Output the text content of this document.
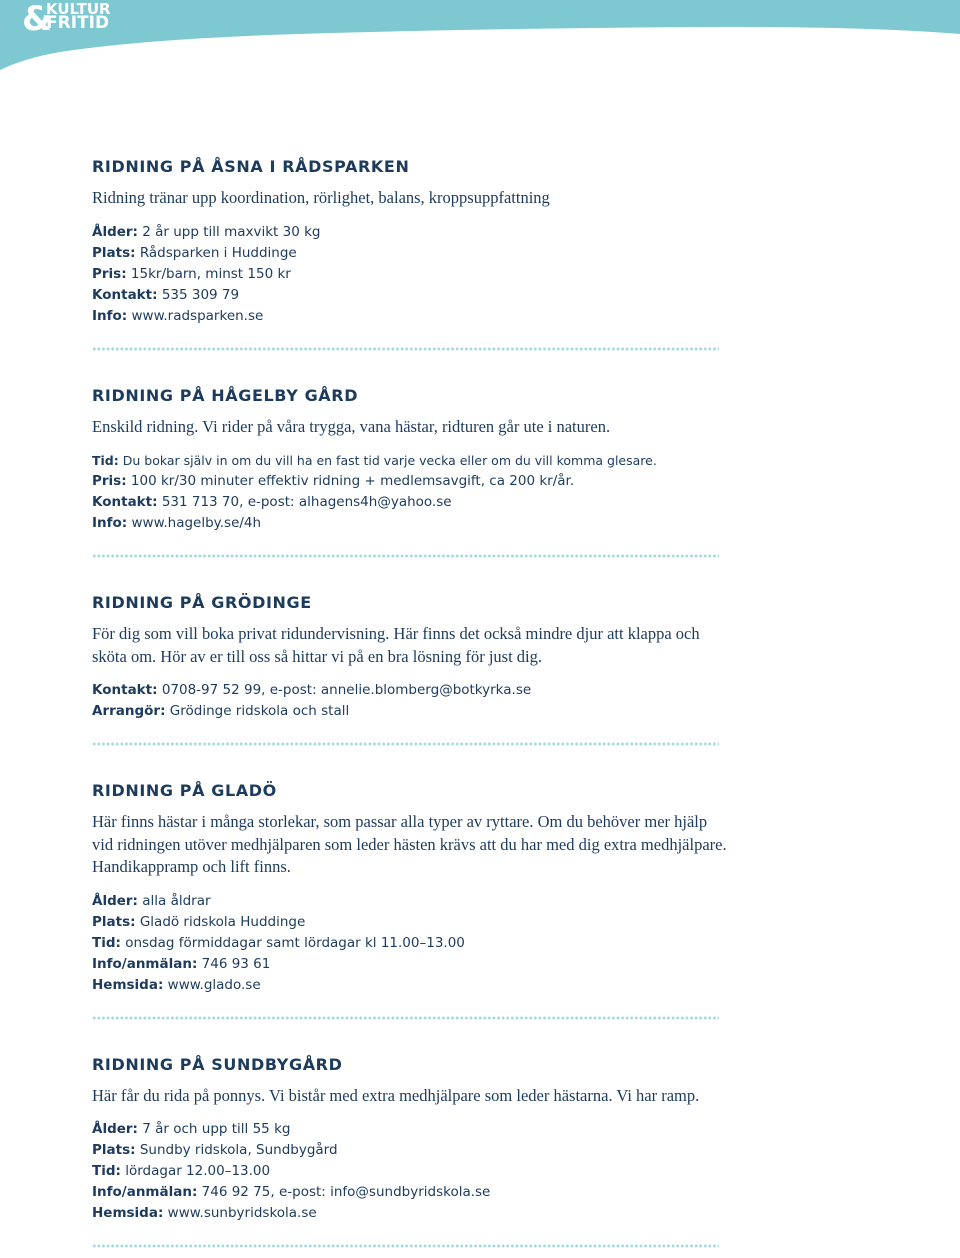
&
KULTUR
FRITID
RIDNING PÅ ÅSNA I RÅDSPARKEN

Ridning tränar upp koordination, rörlighet, balans, kroppsuppfattning

Ålder: 2 år upp till maxvikt 30 kg
Plats: Rådsparken i Huddinge
Pris: 15kr/barn, minst 150 kr
Kontakt: 535 309 79
Info: www.radsparken.se
RIDNING PÅ HÅGELBY GÅRD

Enskild ridning. Vi rider på våra trygga, vana hästar, ridturen går ute i naturen.

Tid: Du bokar själv in om du vill ha en fast tid varje vecka eller om du vill komma glesare.
Pris: 100 kr/30 minuter effektiv ridning + medlemsavgift, ca 200 kr/år.
Kontakt: 531 713 70, e-post: alhagens4h@yahoo.se
Info: www.hagelby.se/4h
RIDNING PÅ GRÖDINGE

För dig som vill boka privat ridundervisning. Här finns det också mindre djur att klappa och sköta om. Hör av er till oss så hittar vi på en bra lösning för just dig.

Kontakt: 0708-97 52 99, e-post: annelie.blomberg@botkyrka.se
Arrangör: Grödinge ridskola och stall
RIDNING PÅ GLADÖ

Här finns hästar i många storlekar, som passar alla typer av ryttare. Om du behöver mer hjälp vid ridningen utöver medhjälparen som leder hästen krävs att du har med dig extra medhjälpare. Handikappramp och lift finns.

Ålder: alla åldrar
Plats: Gladö ridskola Huddinge
Tid: onsdag förmiddagar samt lördagar kl 11.00–13.00
Info/anmälan: 746 93 61
Hemsida: www.glado.se
RIDNING PÅ SUNDBYGÅRD

Här får du rida på ponnys. Vi bistår med extra medhjälpare som leder hästarna. Vi har ramp.

Ålder: 7 år och upp till 55 kg
Plats: Sundby ridskola, Sundbygård
Tid: lördagar 12.00–13.00
Info/anmälan: 746 92 75, e-post: info@sundbyridskola.se
Hemsida: www.sunbyridskola.se
